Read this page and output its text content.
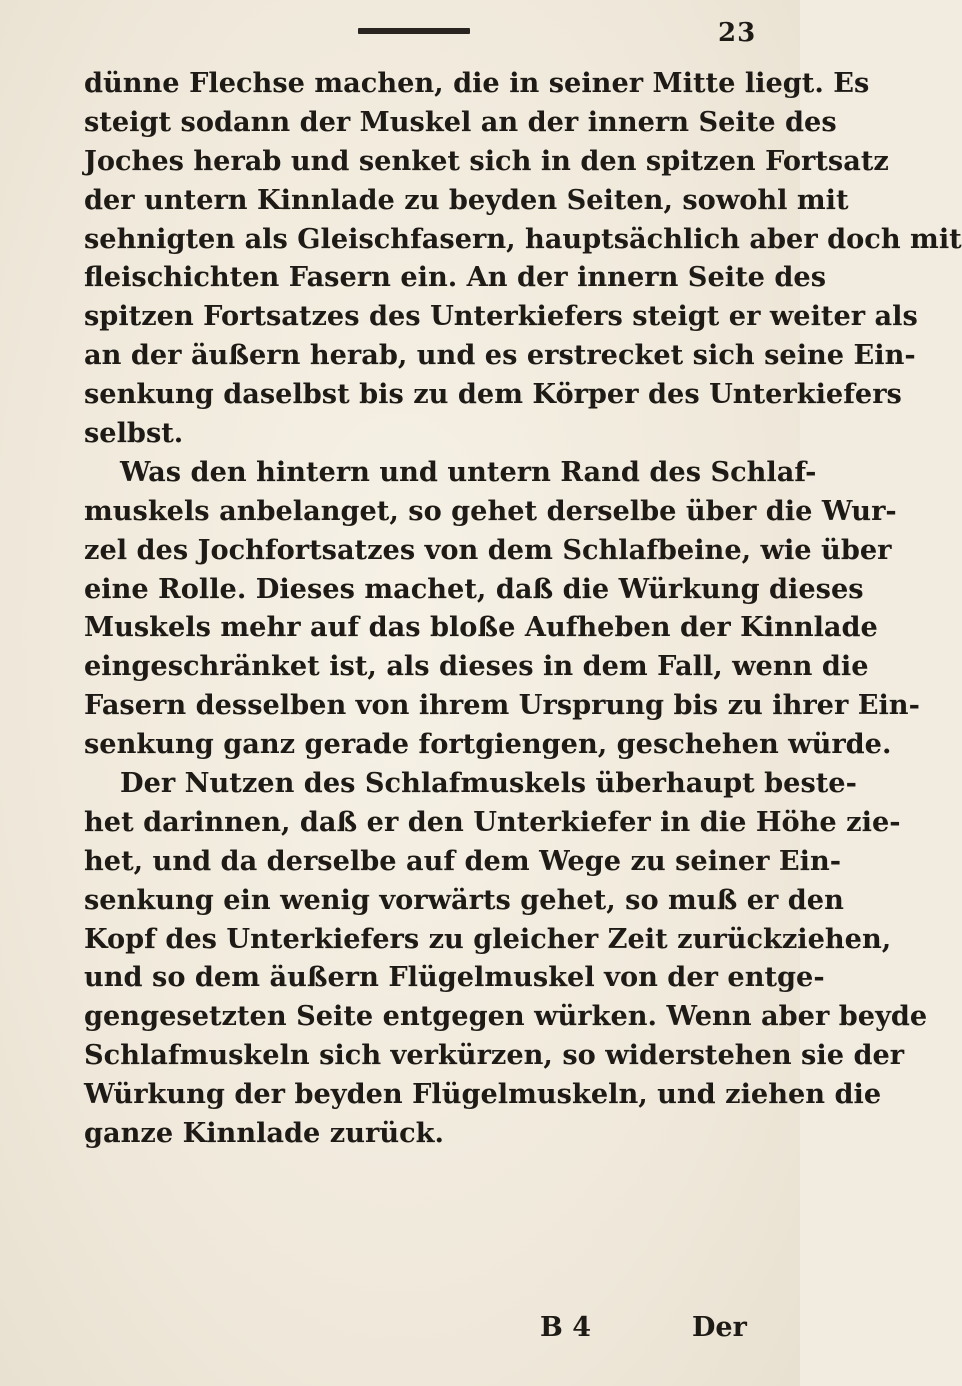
23
dünne Flechse machen, die in seiner Mitte liegt. Es
steigt sodann der Muskel an der innern Seite des
Joches herab und senket sich in den spitzen Fortsatz
der untern Kinnlade zu beyden Seiten, sowohl mit
sehnigten als Gleischfasern, hauptsächlich aber doch mit
fleischichten Fasern ein. An der innern Seite des
spitzen Fortsatzes des Unterkiefers steigt er weiter als
an der äußern herab, und es erstrecket sich seine Ein-
senkung daselbst bis zu dem Körper des Unterkiefers
selbst.
Was den hintern und untern Rand des Schlaf-
muskels anbelanget, so gehet derselbe über die Wur-
zel des Jochfortsatzes von dem Schlafbeine, wie über
eine Rolle. Dieses machet, daß die Würkung dieses
Muskels mehr auf das bloße Aufheben der Kinnlade
eingeschränket ist, als dieses in dem Fall, wenn die
Fasern desselben von ihrem Ursprung bis zu ihrer Ein-
senkung ganz gerade fortgiengen, geschehen würde.
Der Nutzen des Schlafmuskels überhaupt beste-
het darinnen, daß er den Unterkiefer in die Höhe zie-
het, und da derselbe auf dem Wege zu seiner Ein-
senkung ein wenig vorwärts gehet, so muß er den
Kopf des Unterkiefers zu gleicher Zeit zurückziehen,
und so dem äußern Flügelmuskel von der entge-
gengesetzten Seite entgegen würken. Wenn aber beyde
Schlafmuskeln sich verkürzen, so widerstehen sie der
Würkung der beyden Flügelmuskeln, und ziehen die
ganze Kinnlade zurück.
B 4	Der
